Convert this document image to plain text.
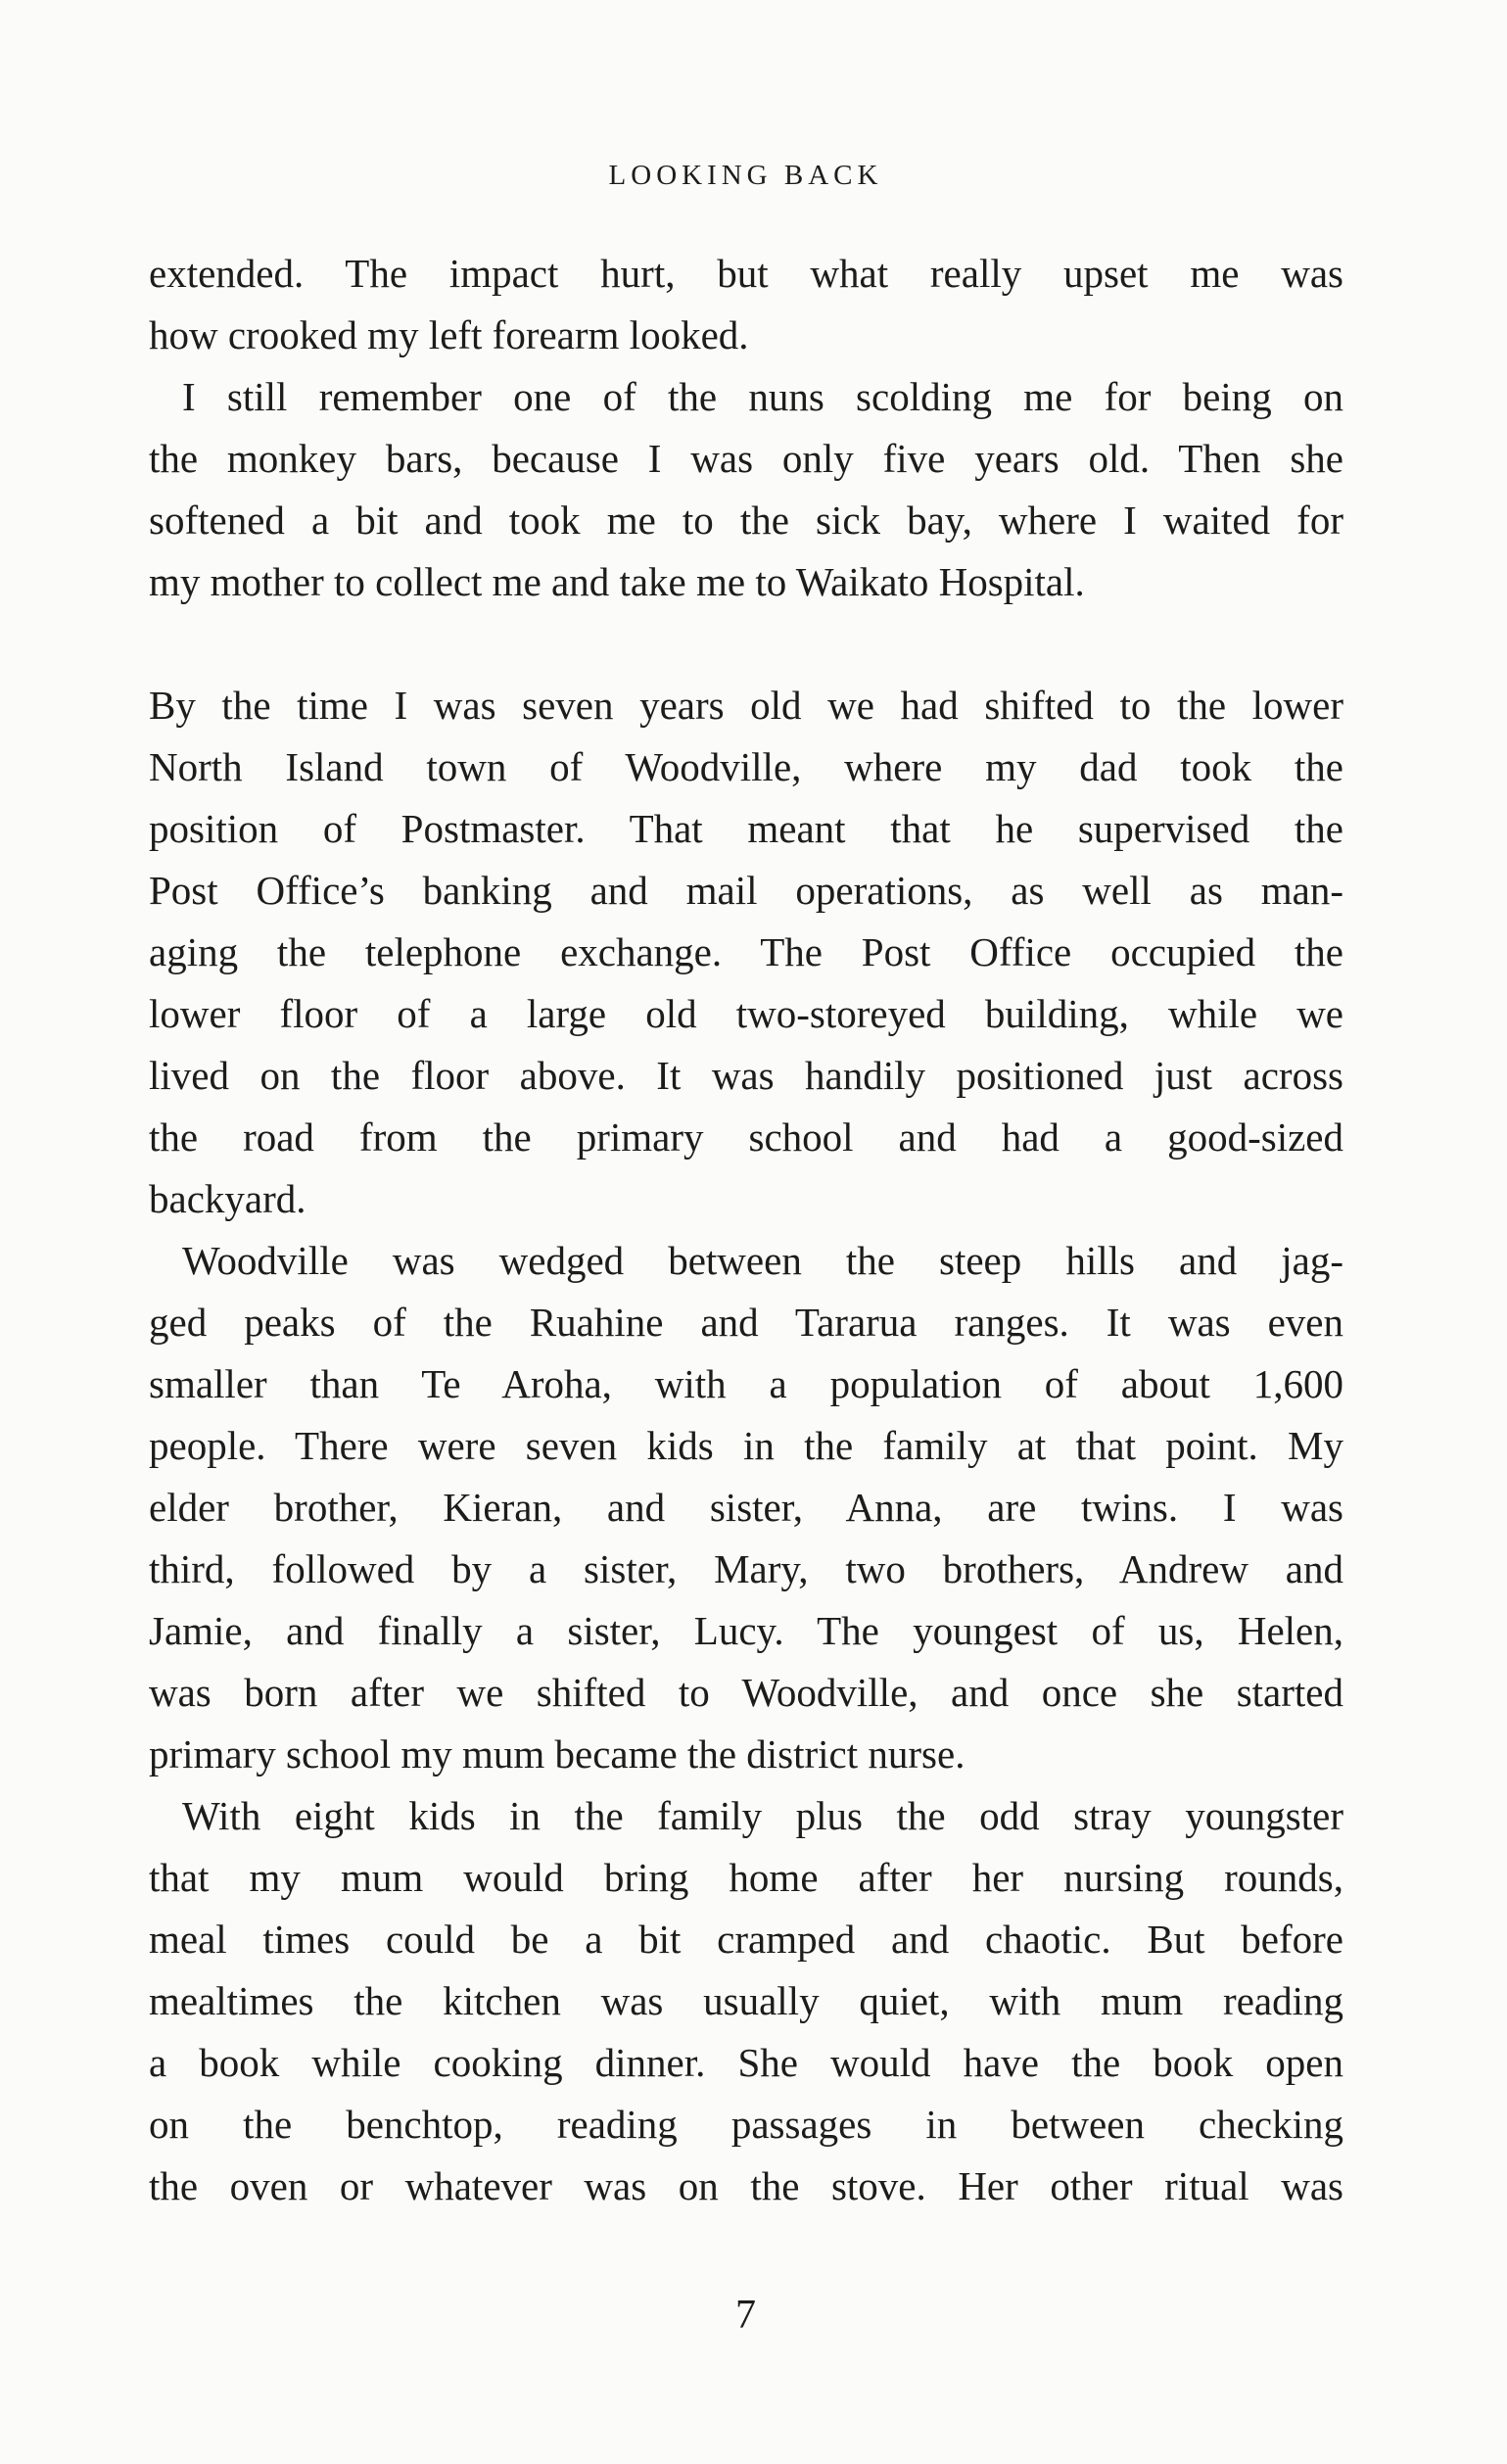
LOOKING BACK
extended. The impact hurt, but what really upset me was
how crooked my left forearm looked.
I still remember one of the nuns scolding me for being on
the monkey bars, because I was only five years old. Then she
softened a bit and took me to the sick bay, where I waited for
my mother to collect me and take me to Waikato Hospital.
By the time I was seven years old we had shifted to the lower
North Island town of Woodville, where my dad took the
position of Postmaster. That meant that he supervised the
Post Office’s banking and mail operations, as well as man-
aging the telephone exchange. The Post Office occupied the
lower floor of a large old two-storeyed building, while we
lived on the floor above. It was handily positioned just across
the road from the primary school and had a good-sized
backyard.
Woodville was wedged between the steep hills and jag-
ged peaks of the Ruahine and Tararua ranges. It was even
smaller than Te Aroha, with a population of about 1,600
people. There were seven kids in the family at that point. My
elder brother, Kieran, and sister, Anna, are twins. I was
third, followed by a sister, Mary, two brothers, Andrew and
Jamie, and finally a sister, Lucy. The youngest of us, Helen,
was born after we shifted to Woodville, and once she started
primary school my mum became the district nurse.
With eight kids in the family plus the odd stray youngster
that my mum would bring home after her nursing rounds,
meal times could be a bit cramped and chaotic. But before
mealtimes the kitchen was usually quiet, with mum reading
a book while cooking dinner. She would have the book open
on the benchtop, reading passages in between checking
the oven or whatever was on the stove. Her other ritual was
7
